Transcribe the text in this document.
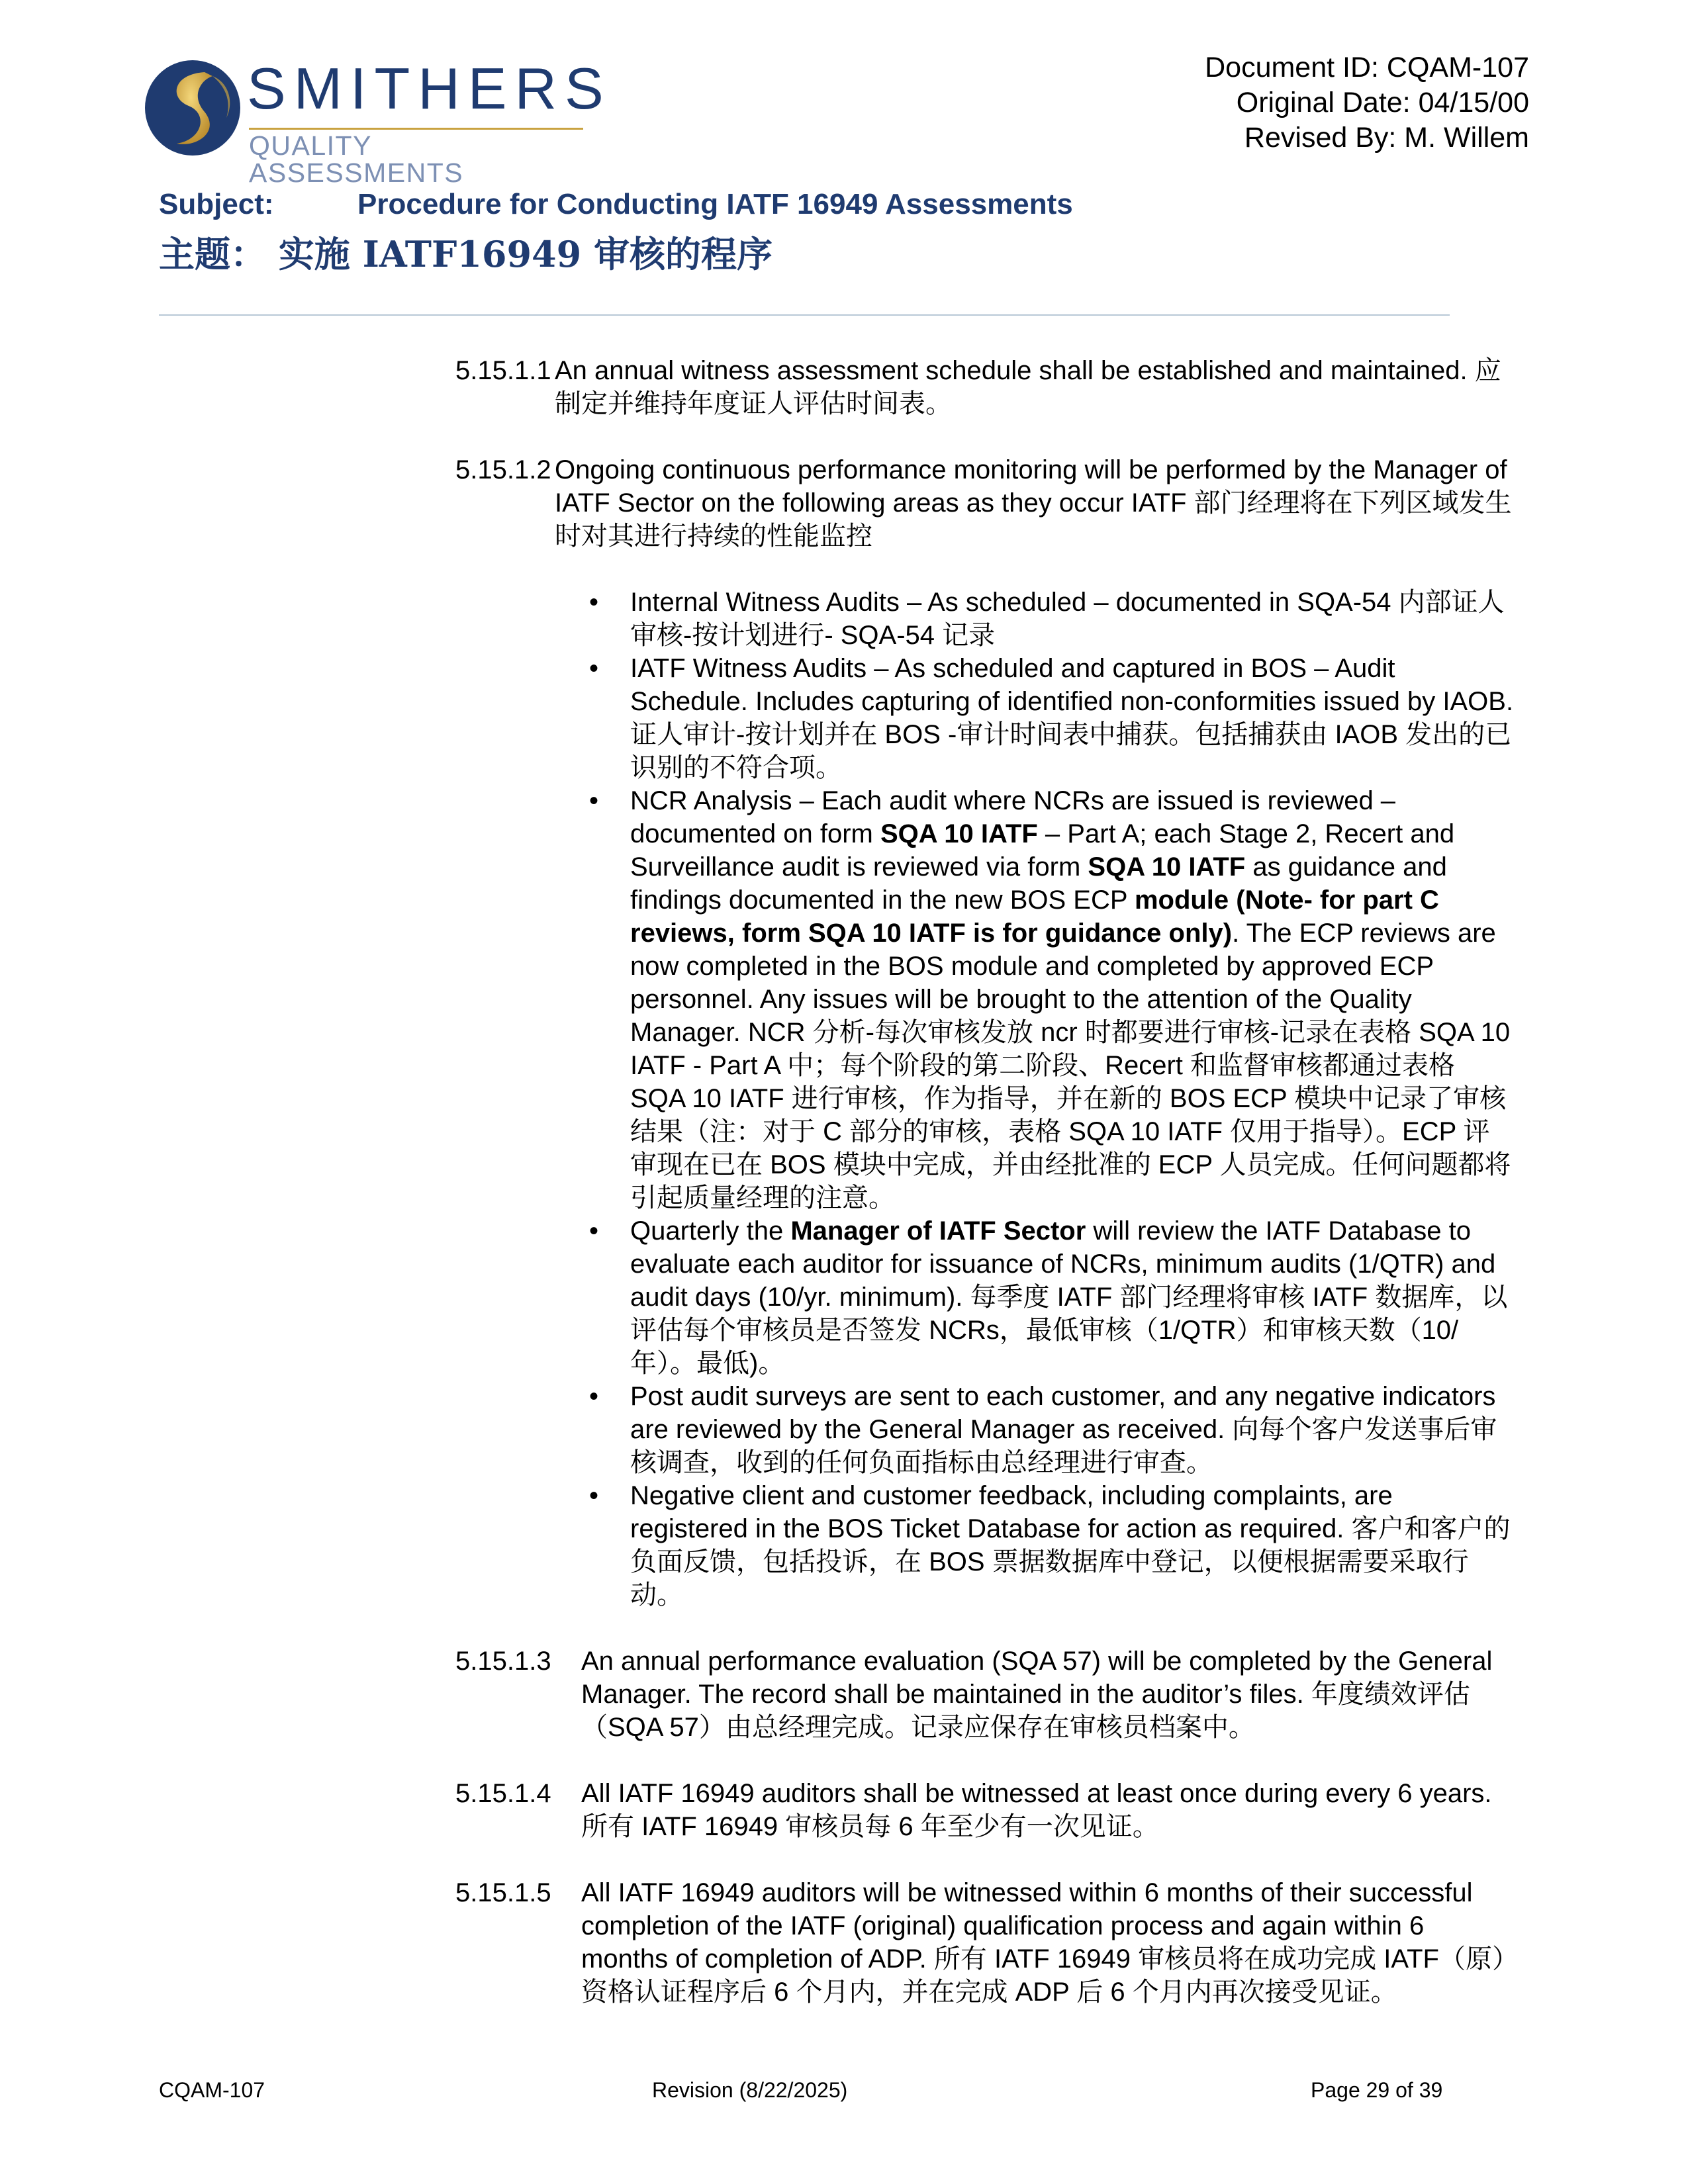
SMITHERS
QUALITY ASSESSMENTS
Document ID: CQAM-107
Original Date: 04/15/00
Revised By: M. Willem
Subject:	Procedure for Conducting IATF 16949 Assessments
主题： 实施 IATF16949 审核的程序
5.15.1.1 An annual witness assessment schedule shall be established and maintained. 应制定并维持年度证人评估时间表。
5.15.1.2 Ongoing continuous performance monitoring will be performed by the Manager of IATF Sector on the following areas as they occur IATF 部门经理将在下列区域发生时对其进行持续的性能监控
• Internal Witness Audits – As scheduled – documented in SQA-54 内部证人审核-按计划进行- SQA-54 记录
• IATF Witness Audits – As scheduled and captured in BOS – Audit Schedule. Includes capturing of identified non-conformities issued by IAOB. 证人审计-按计划并在 BOS -审计时间表中捕获。包括捕获由 IAOB 发出的已识别的不符合项。
• NCR Analysis – Each audit where NCRs are issued is reviewed – documented on form SQA 10 IATF – Part A; each Stage 2, Recert and Surveillance audit is reviewed via form SQA 10 IATF as guidance and findings documented in the new BOS ECP module (Note- for part C reviews, form SQA 10 IATF is for guidance only). The ECP reviews are now completed in the BOS module and completed by approved ECP personnel. Any issues will be brought to the attention of the Quality Manager. NCR 分析-每次审核发放 ncr 时都要进行审核-记录在表格 SQA 10 IATF - Part A 中；每个阶段的第二阶段、Recert 和监督审核都通过表格 SQA 10 IATF 进行审核，作为指导，并在新的 BOS ECP 模块中记录了审核结果（注：对于 C 部分的审核，表格 SQA 10 IATF 仅用于指导）。ECP 评审现在已在 BOS 模块中完成，并由经批准的 ECP 人员完成。任何问题都将引起质量经理的注意。
• Quarterly the Manager of IATF Sector will review the IATF Database to evaluate each auditor for issuance of NCRs, minimum audits (1/QTR) and audit days (10/yr. minimum). 每季度 IATF 部门经理将审核 IATF 数据库，以评估每个审核员是否签发 NCRs，最低审核（1/QTR）和审核天数（10/年）。最低)。
• Post audit surveys are sent to each customer, and any negative indicators are reviewed by the General Manager as received. 向每个客户发送事后审核调查，收到的任何负面指标由总经理进行审查。
• Negative client and customer feedback, including complaints, are registered in the BOS Ticket Database for action as required. 客户和客户的负面反馈，包括投诉，在 BOS 票据数据库中登记，以便根据需要采取行动。
5.15.1.3 An annual performance evaluation (SQA 57) will be completed by the General Manager. The record shall be maintained in the auditor’s files. 年度绩效评估（SQA 57）由总经理完成。记录应保存在审核员档案中。
5.15.1.4 All IATF 16949 auditors shall be witnessed at least once during every 6 years. 所有 IATF 16949 审核员每 6 年至少有一次见证。
5.15.1.5 All IATF 16949 auditors will be witnessed within 6 months of their successful completion of the IATF (original) qualification process and again within 6 months of completion of ADP. 所有 IATF 16949 审核员将在成功完成 IATF（原）资格认证程序后 6 个月内，并在完成 ADP 后 6 个月内再次接受见证。
CQAM-107	Revision (8/22/2025)	Page 29 of 39
